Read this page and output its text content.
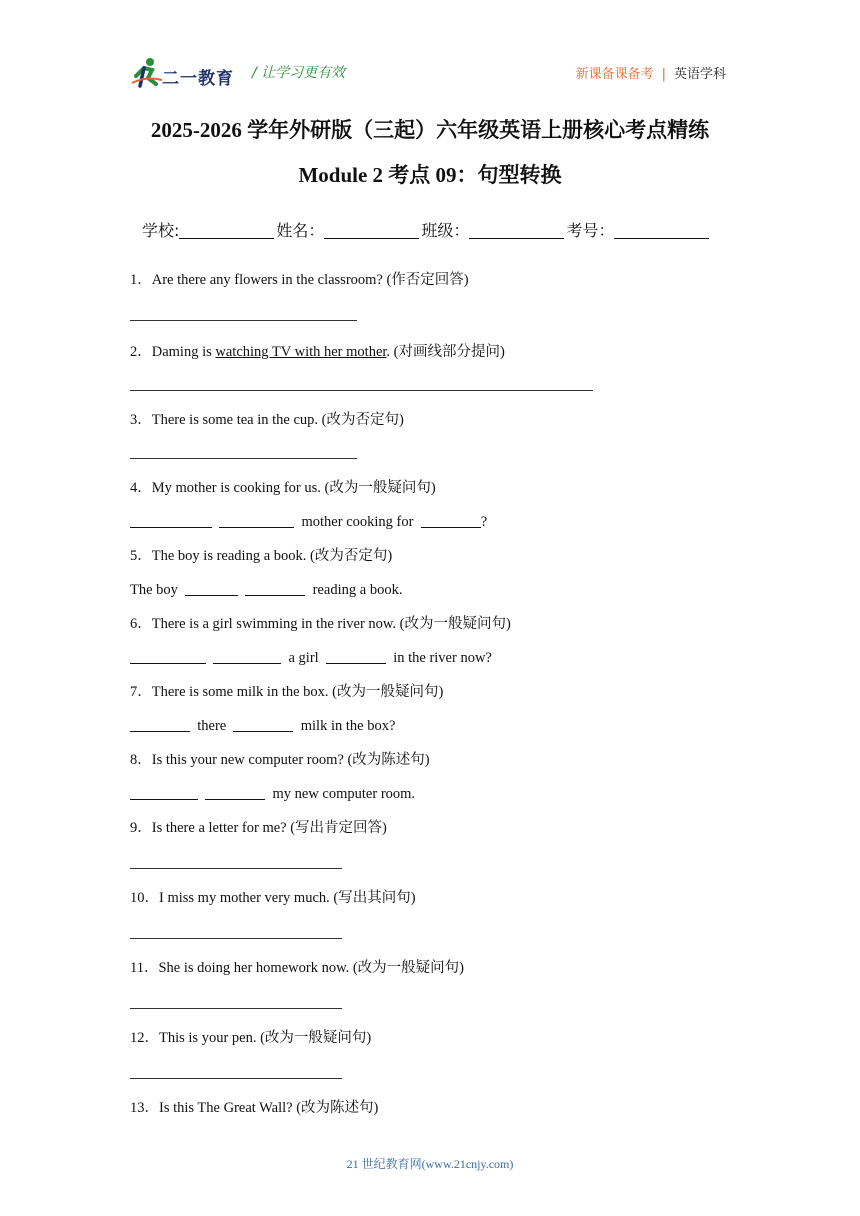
二一教育 / 让学习更有效	新课备课备考 | 英语学科
2025-2026 学年外研版（三起）六年级英语上册核心考点精练
Module 2 考点 09：句型转换
学校:	姓名：	班级：	考号：
1．Are there any flowers in the classroom? (作否定回答)
2．Daming is watching TV with her mother. (对画线部分提问)
3．There is some tea in the cup. (改为否定句)
4．My mother is cooking for us. (改为一般疑问句)
mother cooking for	?
5．The boy is reading a book. (改为否定句)
The boy	reading a book.
6．There is a girl swimming in the river now. (改为一般疑问句)
a girl	in the river now?
7．There is some milk in the box. (改为一般疑问句)
there	milk in the box?
8．Is this your new computer room? (改为陈述句)
my new computer room.
9．Is there a letter for me? (写出肯定回答)
10．I miss my mother very much. (写出其问句)
11．She is doing her homework now. (改为一般疑问句)
12．This is your pen. (改为一般疑问句)
13．Is this The Great Wall? (改为陈述句)
21 世纪教育网(www.21cnjy.com)
